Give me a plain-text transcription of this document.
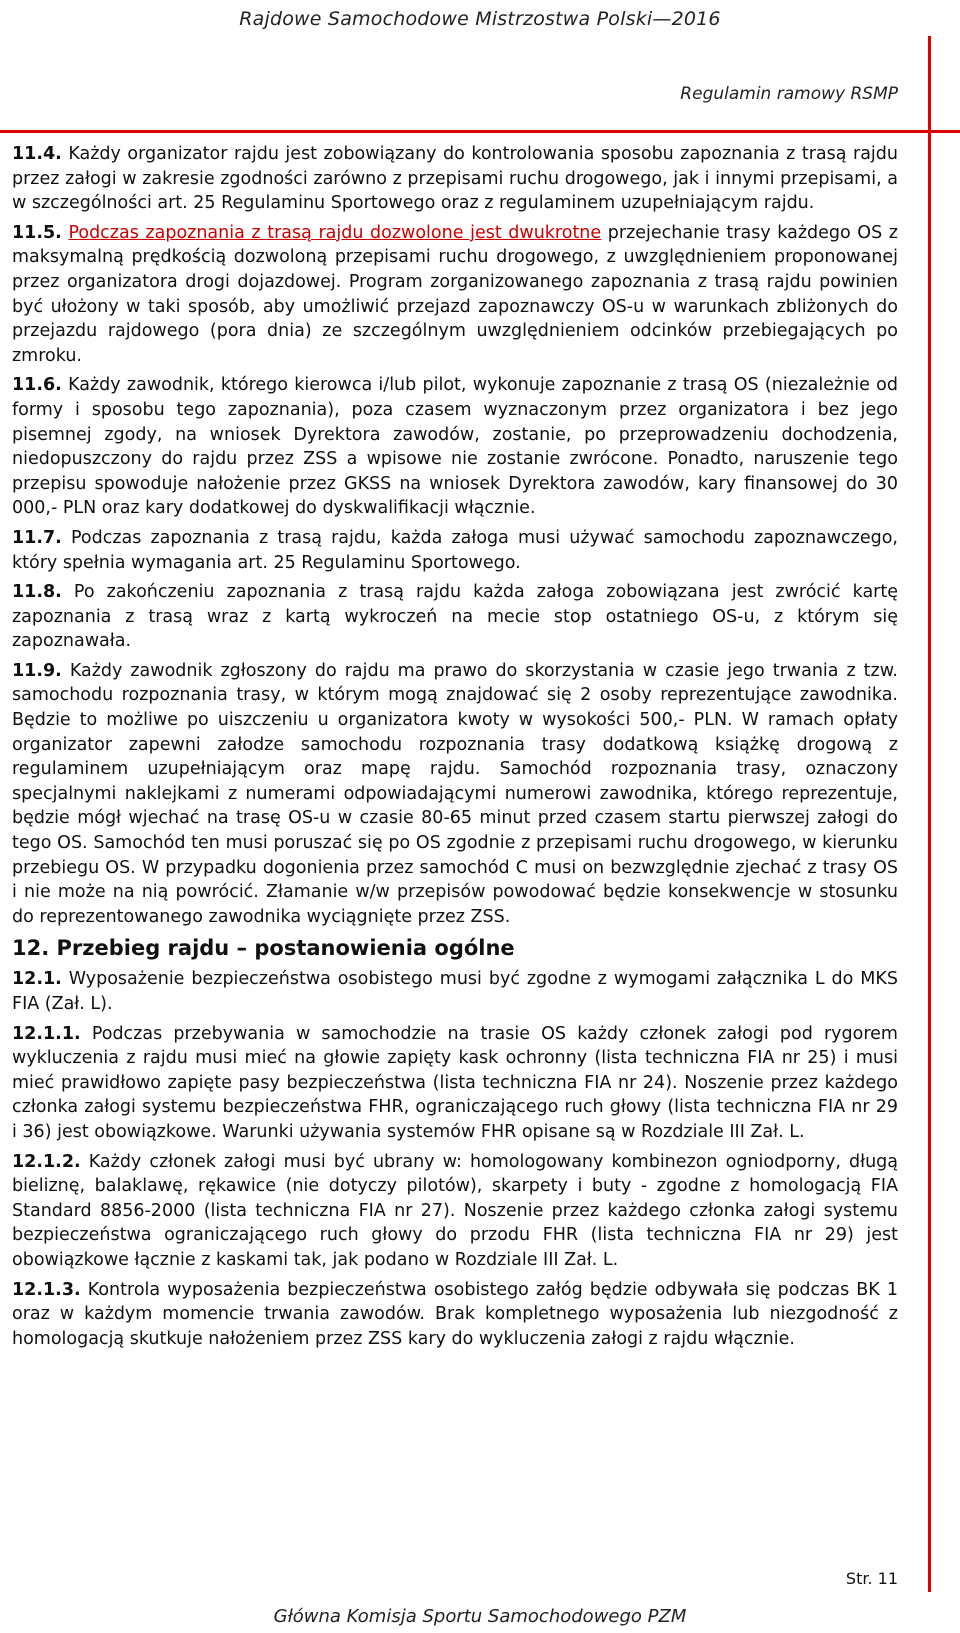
Rajdowe Samochodowe Mistrzostwa Polski—2016
Regulamin ramowy RSMP

11.4. Każdy organizator rajdu jest zobowiązany do kontrolowania sposobu zapoznania z trasą rajdu przez załogi w zakresie zgodności zarówno z przepisami ruchu drogowego, jak i innymi przepisami, a w szczególności art. 25 Regulaminu Sportowego oraz z regulaminem uzupełniającym rajdu.

11.5. Podczas zapoznania z trasą rajdu dozwolone jest dwukrotne przejechanie trasy każdego OS z maksymalną prędkością dozwoloną przepisami ruchu drogowego, z uwzględnieniem proponowanej przez organizatora drogi dojazdowej. Program zorganizowanego zapoznania z trasą rajdu powinien być ułożony w taki sposób, aby umożliwić przejazd zapoznawczy OS-u w warunkach zbliżonych do przejazdu rajdowego (pora dnia) ze szczególnym uwzględnieniem odcinków przebiegających po zmroku.

11.6. Każdy zawodnik, którego kierowca i/lub pilot, wykonuje zapoznanie z trasą OS (niezależnie od formy i sposobu tego zapoznania), poza czasem wyznaczonym przez organizatora i bez jego pisemnej zgody, na wniosek Dyrektora zawodów, zostanie, po przeprowadzeniu dochodzenia, niedopuszczony do rajdu przez ZSS a wpisowe nie zostanie zwrócone. Ponadto, naruszenie tego przepisu spowoduje nałożenie przez GKSS na wniosek Dyrektora zawodów, kary finansowej do 30 000,- PLN oraz kary dodatkowej do dyskwalifikacji włącznie.

11.7. Podczas zapoznania z trasą rajdu, każda załoga musi używać samochodu zapoznawczego, który spełnia wymagania art. 25 Regulaminu Sportowego.

11.8. Po zakończeniu zapoznania z trasą rajdu każda załoga zobowiązana jest zwrócić kartę zapoznania z trasą wraz z kartą wykroczeń na mecie stop ostatniego OS-u, z którym się zapoznawała.

11.9. Każdy zawodnik zgłoszony do rajdu ma prawo do skorzystania w czasie jego trwania z tzw. samochodu rozpoznania trasy, w którym mogą znajdować się 2 osoby reprezentujące zawodnika. Będzie to możliwe po uiszczeniu u organizatora kwoty w wysokości 500,- PLN. W ramach opłaty organizator zapewni załodze samochodu rozpoznania trasy dodatkową książkę drogową z regulaminem uzupełniającym oraz mapę rajdu. Samochód rozpoznania trasy, oznaczony specjalnymi naklejkami z numerami odpowiadającymi numerowi zawodnika, którego reprezentuje, będzie mógł wjechać na trasę OS-u w czasie 80-65 minut przed czasem startu pierwszej załogi do tego OS. Samochód ten musi poruszać się po OS zgodnie z przepisami ruchu drogowego, w kierunku przebiegu OS. W przypadku dogonienia przez samochód C musi on bezwzględnie zjechać z trasy OS i nie może na nią powrócić. Złamanie w/w przepisów powodować będzie konsekwencje w stosunku do reprezentowanego zawodnika wyciągnięte przez ZSS.

12. Przebieg rajdu – postanowienia ogólne

12.1. Wyposażenie bezpieczeństwa osobistego musi być zgodne z wymogami załącznika L do MKS FIA (Zał. L).

12.1.1. Podczas przebywania w samochodzie na trasie OS każdy członek załogi pod rygorem wykluczenia z rajdu musi mieć na głowie zapięty kask ochronny (lista techniczna FIA nr 25) i musi mieć prawidłowo zapięte pasy bezpieczeństwa (lista techniczna FIA nr 24). Noszenie przez każdego członka załogi systemu bezpieczeństwa FHR, ograniczającego ruch głowy (lista techniczna FIA nr 29 i 36) jest obowiązkowe. Warunki używania systemów FHR opisane są w Rozdziale III Zał. L.

12.1.2. Każdy członek załogi musi być ubrany w: homologowany kombinezon ogniodporny, długą bieliznę, balaklawę, rękawice (nie dotyczy pilotów), skarpety i buty - zgodne z homologacją FIA Standard 8856-2000 (lista techniczna FIA nr 27). Noszenie przez każdego członka załogi systemu bezpieczeństwa ograniczającego ruch głowy do przodu FHR (lista techniczna FIA nr 29) jest obowiązkowe łącznie z kaskami tak, jak podano w Rozdziale III Zał. L.

12.1.3. Kontrola wyposażenia bezpieczeństwa osobistego załóg będzie odbywała się podczas BK 1 oraz w każdym momencie trwania zawodów. Brak kompletnego wyposażenia lub niezgodność z homologacją skutkuje nałożeniem przez ZSS kary do wykluczenia załogi z rajdu włącznie.

Str. 11
Główna Komisja Sportu Samochodowego PZM
